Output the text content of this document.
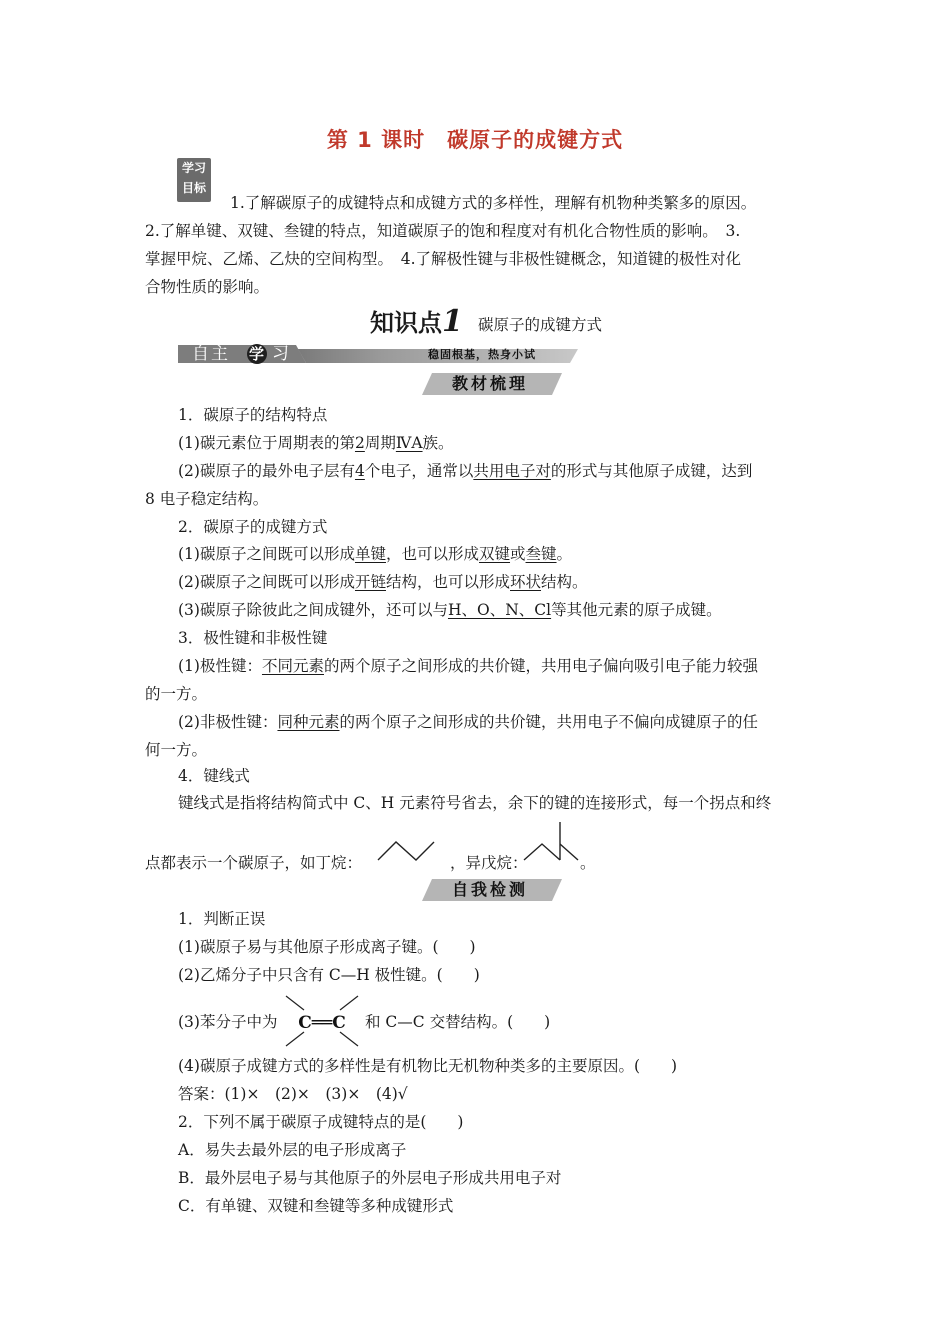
第 1 课时　碳原子的成键方式
学习
目标
1.了解碳原子的成键特点和成键方式的多样性，理解有机物种类繁多的原因。
2.了解单键、双键、叁键的特点，知道碳原子的饱和程度对有机化合物性质的影响。　3.
掌握甲烷、乙烯、乙炔的空间构型。　4.了解极性键与非极性键概念，知道键的极性对化
合物性质的影响。
知识点1 碳原子的成键方式
自主 学 习	稳固根基，热身小试
教材梳理
1．碳原子的结构特点
(1)碳元素位于周期表的第2周期ⅣA族。
(2)碳原子的最外电子层有4个电子，通常以共用电子对的形式与其他原子成键，达到
8 电子稳定结构。
2．碳原子的成键方式
(1)碳原子之间既可以形成单键，也可以形成双键或叁键。
(2)碳原子之间既可以形成开链结构，也可以形成环状结构。
(3)碳原子除彼此之间成键外，还可以与H、O、N、Cl等其他元素的原子成键。
3．极性键和非极性键
(1)极性键：不同元素的两个原子之间形成的共价键，共用电子偏向吸引电子能力较强
的一方。
(2)非极性键：同种元素的两个原子之间形成的共价键，共用电子不偏向成键原子的任
何一方。
4．键线式
键线式是指将结构简式中 C、H 元素符号省去，余下的键的连接形式，每一个拐点和终
点都表示一个碳原子，如丁烷：	，异戊烷：	。
自我检测
1．判断正误
(1)碳原子易与其他原子形成离子键。(　　)
(2)乙烯分子中只含有 C—H 极性键。(　　)
(3)苯分子中为 C══C 和 C—C 交替结构。(　　)
(4)碳原子成键方式的多样性是有机物比无机物种类多的主要原因。(　　)
答案：(1)×　(2)×　(3)×　(4)√
2．下列不属于碳原子成键特点的是(　　)
A．易失去最外层的电子形成离子
B．最外层电子易与其他原子的外层电子形成共用电子对
C．有单键、双键和叁键等多种成键形式
